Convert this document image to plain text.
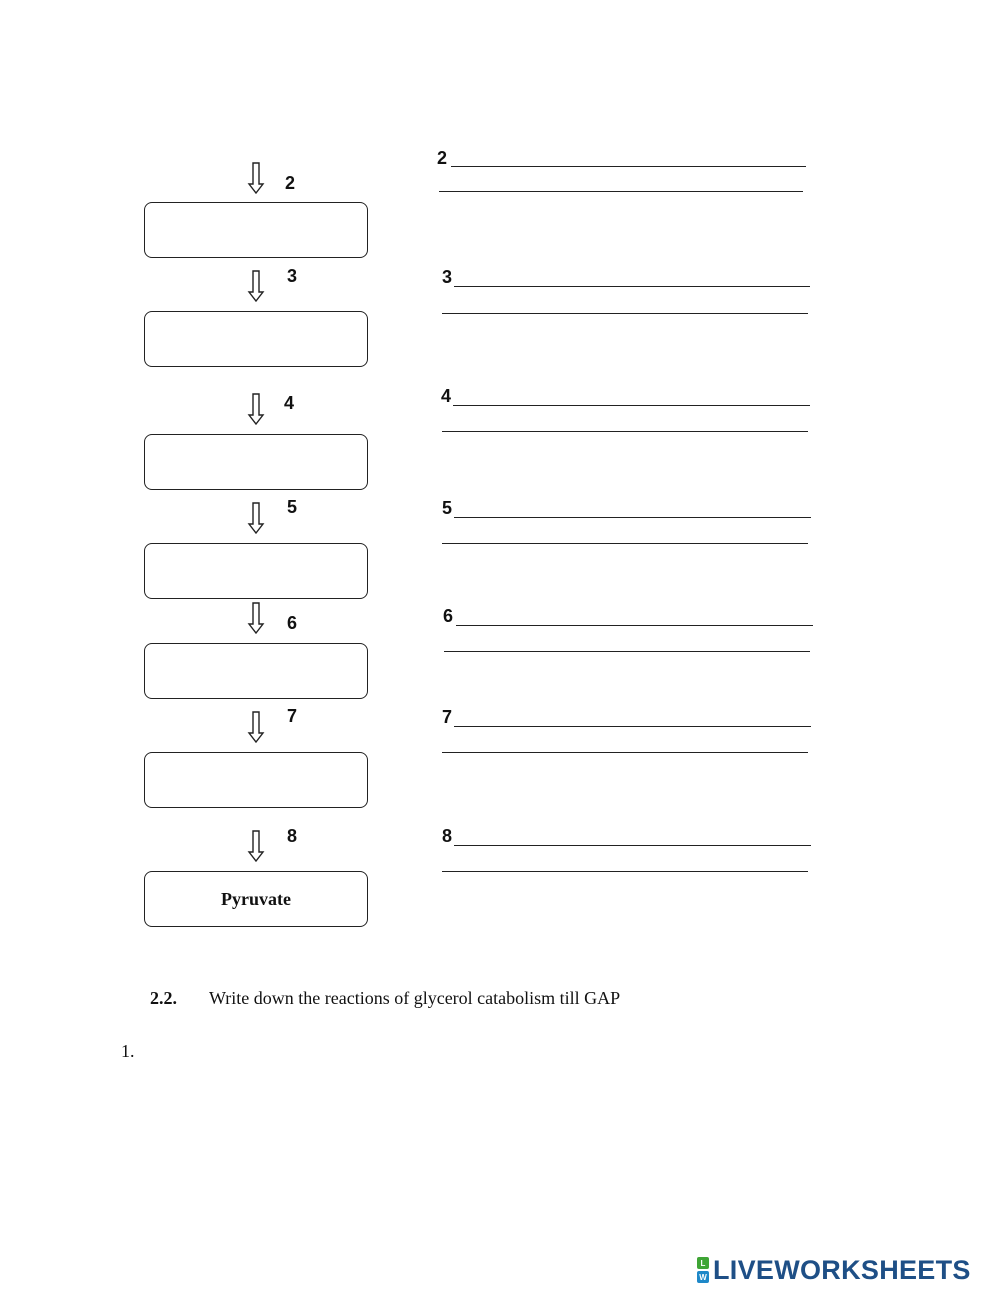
2
3
4
5
6
7
8
Pyruvate
2
3
4
5
6
7
8
2.2. Write down the reactions of glycerol catabolism till GAP
1.
L
W LIVEWORKSHEETS
